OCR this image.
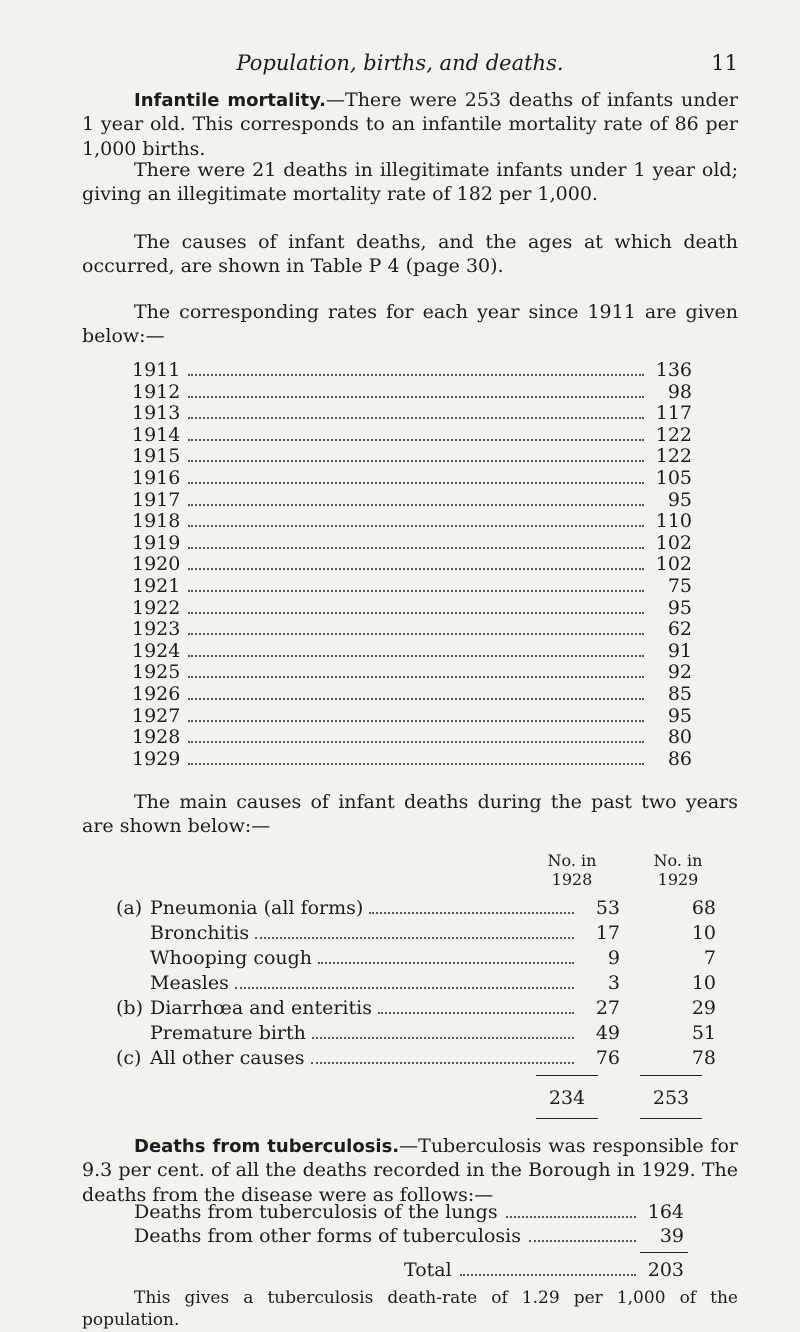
Population, births, and deaths.	11

Infantile mortality.—There were 253 deaths of infants under 1 year old. This corresponds to an infantile mortality rate of 86 per 1,000 births.

There were 21 deaths in illegitimate infants under 1 year old; giving an illegitimate mortality rate of 182 per 1,000.

The causes of infant deaths, and the ages at which death occurred, are shown in Table P 4 (page 30).

The corresponding rates for each year since 1911 are given below:—

1911	136
1912	98
1913	117
1914	122
1915	122
1916	105
1917	95
1918	110
1919	102
1920	102
1921	75
1922	95
1923	62
1924	91
1925	92
1926	85
1927	95
1928	80
1929	86

The main causes of infant deaths during the past two years are shown below:—

No. in
1928
No. in
1929
(a) Pneumonia (all forms)	53	68
Bronchitis	17	10
Whooping cough	9	7
Measles	3	10
(b) Diarrhœa and enteritis	27	29
Premature birth	49	51
(c) All other causes	76	78
234	253

Deaths from tuberculosis.—Tuberculosis was responsible for 9.3 per cent. of all the deaths recorded in the Borough in 1929. The deaths from the disease were as follows:—

Deaths from tuberculosis of the lungs	164
Deaths from other forms of tuberculosis	39
Total	203

This gives a tuberculosis death-rate of 1.29 per 1,000 of the population.
